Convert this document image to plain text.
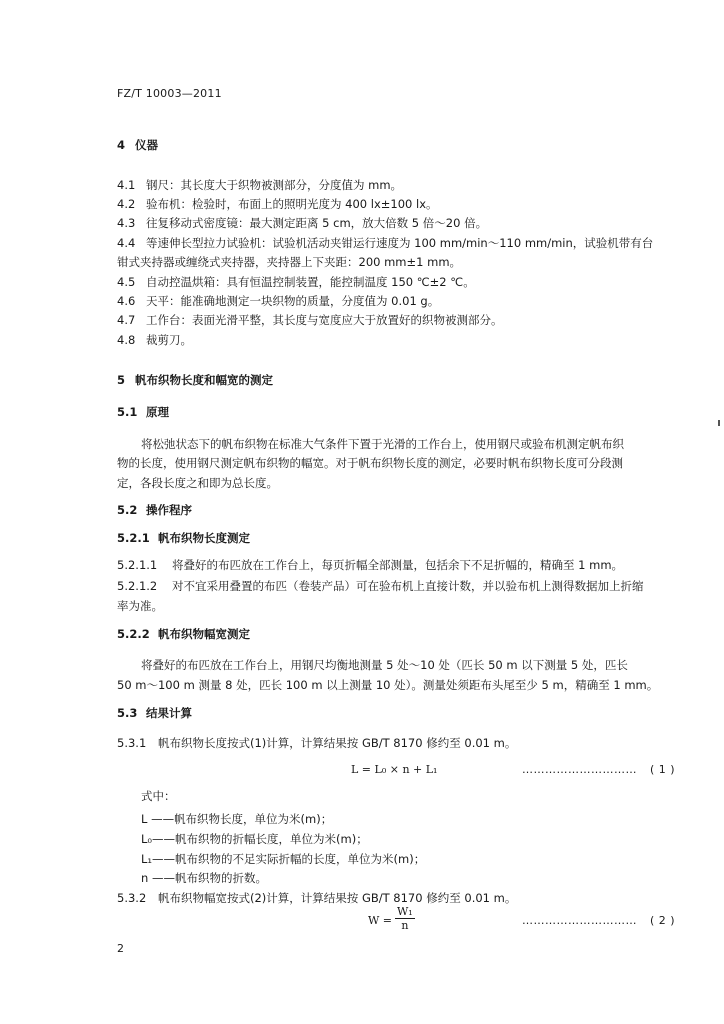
FZ/T 10003—2011
4 仪器
4.1 钢尺：其长度大于织物被测部分，分度值为 mm。
4.2 验布机：检验时，布面上的照明光度为 400 lx±100 lx。
4.3 往复移动式密度镜：最大测定距离 5 cm，放大倍数 5 倍～20 倍。
4.4 等速伸长型拉力试验机：试验机活动夹钳运行速度为 100 mm/min～110 mm/min，试验机带有台
钳式夹持器或缠绕式夹持器，夹持器上下夹距：200 mm±1 mm。
4.5 自动控温烘箱：具有恒温控制装置，能控制温度 150 ℃±2 ℃。
4.6 天平：能准确地测定一块织物的质量，分度值为 0.01 g。
4.7 工作台：表面光滑平整，其长度与宽度应大于放置好的织物被测部分。
4.8 裁剪刀。
5 帆布织物长度和幅宽的测定
5.1 原理
将松弛状态下的帆布织物在标准大气条件下置于光滑的工作台上，使用钢尺或验布机测定帆布织
物的长度，使用钢尺测定帆布织物的幅宽。对于帆布织物长度的测定，必要时帆布织物长度可分段测
定，各段长度之和即为总长度。
5.2 操作程序
5.2.1 帆布织物长度测定
5.2.1.1 将叠好的布匹放在工作台上，每页折幅全部测量，包括余下不足折幅的，精确至 1 mm。
5.2.1.2 对不宜采用叠置的布匹（卷装产品）可在验布机上直接计数，并以验布机上测得数据加上折缩
率为准。
5.2.2 帆布织物幅宽测定
将叠好的布匹放在工作台上，用钢尺均衡地测量 5 处～10 处（匹长 50 m 以下测量 5 处，匹长
50 m～100 m 测量 8 处，匹长 100 m 以上测量 10 处）。测量处须距布头尾至少 5 m，精确至 1 mm。
5.3 结果计算
5.3.1 帆布织物长度按式(1)计算，计算结果按 GB/T 8170 修约至 0.01 m。
L = L₀ × n + L₁	………………………… ( 1 )
式中：
L ——帆布织物长度，单位为米(m)；
L₀——帆布织物的折幅长度，单位为米(m)；
L₁——帆布织物的不足实际折幅的长度，单位为米(m)；
n ——帆布织物的折数。
5.3.2 帆布织物幅宽按式(2)计算，计算结果按 GB/T 8170 修约至 0.01 m。
$W = \frac{\text{W₁}}{n}$	………………………… ( 2 )
2
